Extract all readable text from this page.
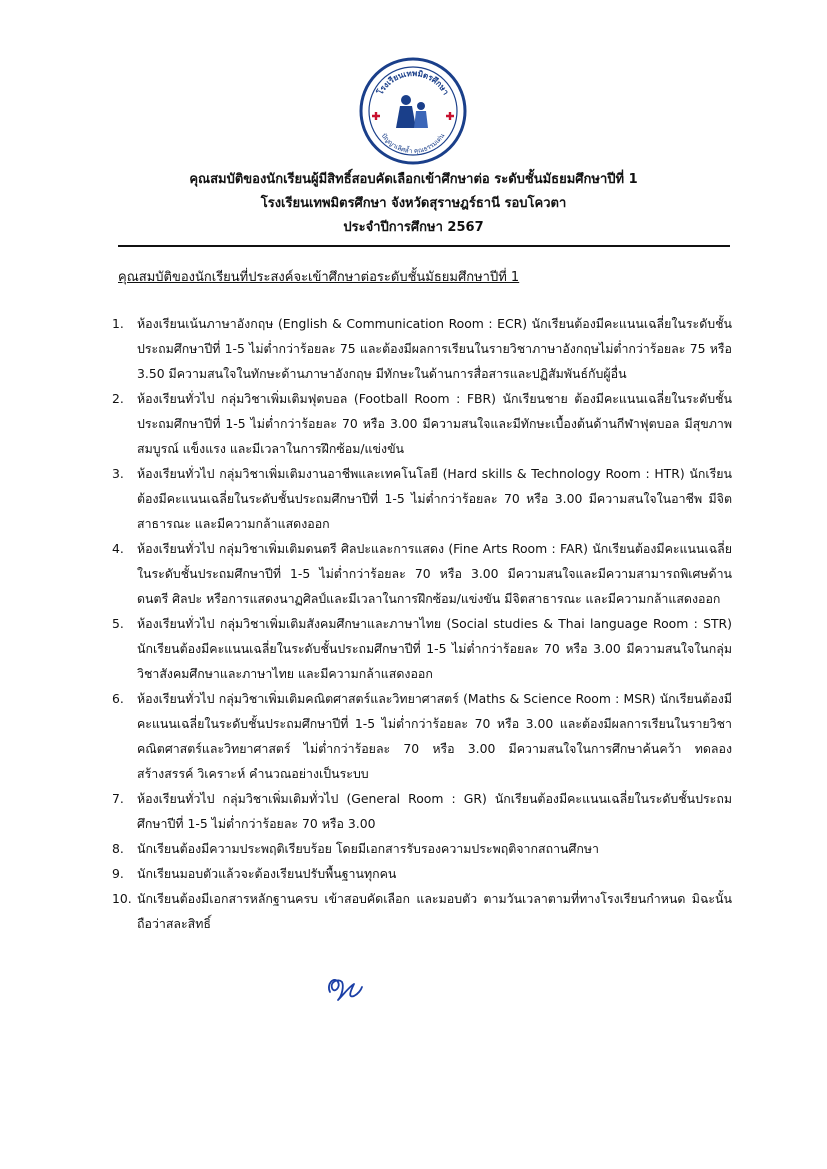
โรงเรียนเทพมิตรศึกษา
ปัญญาเลิศล้ำ คุณธรรมเด่น
คุณสมบัติของนักเรียนผู้มีสิทธิ์สอบคัดเลือกเข้าศึกษาต่อ ระดับชั้นมัธยมศึกษาปีที่ 1
โรงเรียนเทพมิตรศึกษา จังหวัดสุราษฎร์ธานี รอบโควตา
ประจำปีการศึกษา 2567
คุณสมบัติของนักเรียนที่ประสงค์จะเข้าศึกษาต่อระดับชั้นมัธยมศึกษาปีที่ 1
1.	ห้องเรียนเน้นภาษาอังกฤษ (English & Communication Room : ECR) นักเรียนต้องมีคะแนนเฉลี่ยในระดับชั้นประถมศึกษาปีที่ 1-5 ไม่ต่ำกว่าร้อยละ 75 และต้องมีผลการเรียนในรายวิชาภาษาอังกฤษไม่ต่ำกว่าร้อยละ 75 หรือ 3.50 มีความสนใจในทักษะด้านภาษาอังกฤษ มีทักษะในด้านการสื่อสารและปฏิสัมพันธ์กับผู้อื่น
2.	ห้องเรียนทั่วไป กลุ่มวิชาเพิ่มเติมฟุตบอล (Football Room : FBR) นักเรียนชาย ต้องมีคะแนนเฉลี่ยในระดับชั้นประถมศึกษาปีที่ 1-5 ไม่ต่ำกว่าร้อยละ 70 หรือ 3.00 มีความสนใจและมีทักษะเบื้องต้นด้านกีฬาฟุตบอล มีสุขภาพสมบูรณ์ แข็งแรง และมีเวลาในการฝึกซ้อม/แข่งขัน
3.	ห้องเรียนทั่วไป กลุ่มวิชาเพิ่มเติมงานอาชีพและเทคโนโลยี (Hard skills & Technology Room : HTR) นักเรียนต้องมีคะแนนเฉลี่ยในระดับชั้นประถมศึกษาปีที่ 1-5 ไม่ต่ำกว่าร้อยละ 70 หรือ 3.00 มีความสนใจในอาชีพ มีจิตสาธารณะ และมีความกล้าแสดงออก
4.	ห้องเรียนทั่วไป กลุ่มวิชาเพิ่มเติมดนตรี ศิลปะและการแสดง (Fine Arts Room : FAR) นักเรียนต้องมีคะแนนเฉลี่ยในระดับชั้นประถมศึกษาปีที่ 1-5 ไม่ต่ำกว่าร้อยละ 70 หรือ 3.00 มีความสนใจและมีความสามารถพิเศษด้านดนตรี ศิลปะ หรือการแสดงนาฏศิลป์และมีเวลาในการฝึกซ้อม/แข่งขัน มีจิตสาธารณะ และมีความกล้าแสดงออก
5.	ห้องเรียนทั่วไป กลุ่มวิชาเพิ่มเติมสังคมศึกษาและภาษาไทย (Social studies & Thai language Room : STR) นักเรียนต้องมีคะแนนเฉลี่ยในระดับชั้นประถมศึกษาปีที่ 1-5 ไม่ต่ำกว่าร้อยละ 70 หรือ 3.00 มีความสนใจในกลุ่มวิชาสังคมศึกษาและภาษาไทย และมีความกล้าแสดงออก
6.	ห้องเรียนทั่วไป กลุ่มวิชาเพิ่มเติมคณิตศาสตร์และวิทยาศาสตร์ (Maths & Science Room : MSR) นักเรียนต้องมีคะแนนเฉลี่ยในระดับชั้นประถมศึกษาปีที่ 1-5 ไม่ต่ำกว่าร้อยละ 70 หรือ 3.00 และต้องมีผลการเรียนในรายวิชาคณิตศาสตร์และวิทยาศาสตร์ ไม่ต่ำกว่าร้อยละ 70 หรือ 3.00 มีความสนใจในการศึกษาค้นคว้า ทดลอง สร้างสรรค์ วิเคราะห์ คำนวณอย่างเป็นระบบ
7.	ห้องเรียนทั่วไป กลุ่มวิชาเพิ่มเติมทั่วไป (General Room : GR) นักเรียนต้องมีคะแนนเฉลี่ยในระดับชั้นประถมศึกษาปีที่ 1-5 ไม่ต่ำกว่าร้อยละ 70 หรือ 3.00
8.	นักเรียนต้องมีความประพฤติเรียบร้อย โดยมีเอกสารรับรองความประพฤติจากสถานศึกษา
9.	นักเรียนมอบตัวแล้วจะต้องเรียนปรับพื้นฐานทุกคน
10. นักเรียนต้องมีเอกสารหลักฐานครบ เข้าสอบคัดเลือก และมอบตัว ตามวันเวลาตามที่ทางโรงเรียนกำหนด มิฉะนั้นถือว่าสละสิทธิ์
